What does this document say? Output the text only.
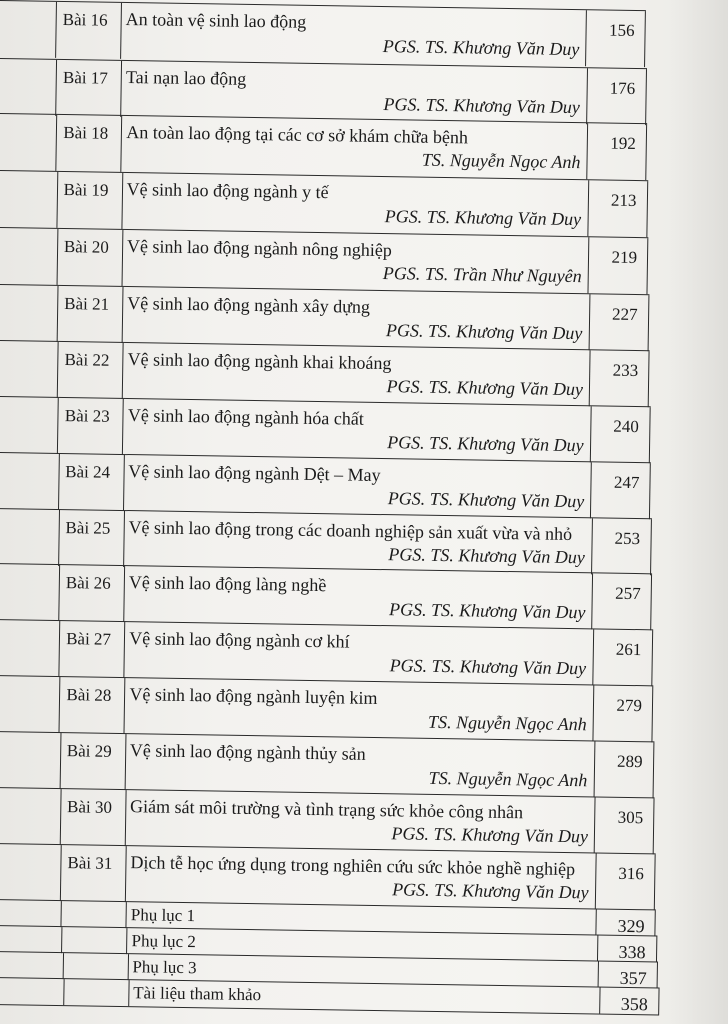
Bài 16 An toàn vệ sinh lao động
PGS. TS. Khương Văn Duy
156
Bài 17 Tai nạn lao động
PGS. TS. Khương Văn Duy
176
Bài 18 An toàn lao động tại các cơ sở khám chữa bệnh
TS. Nguyễn Ngọc Anh
192
Bài 19 Vệ sinh lao động ngành y tế
PGS. TS. Khương Văn Duy
213
Bài 20 Vệ sinh lao động ngành nông nghiệp
PGS. TS. Trần Như Nguyên
219
Bài 21 Vệ sinh lao động ngành xây dựng
PGS. TS. Khương Văn Duy
227
Bài 22 Vệ sinh lao động ngành khai khoáng
PGS. TS. Khương Văn Duy
233
Bài 23 Vệ sinh lao động ngành hóa chất
PGS. TS. Khương Văn Duy
240
Bài 24 Vệ sinh lao động ngành Dệt – May
PGS. TS. Khương Văn Duy
247
Bài 25 Vệ sinh lao động trong các doanh nghiệp sản xuất vừa và nhỏ
PGS. TS. Khương Văn Duy
253
Bài 26 Vệ sinh lao động làng nghề
PGS. TS. Khương Văn Duy
257
Bài 27 Vệ sinh lao động ngành cơ khí
PGS. TS. Khương Văn Duy
261
Bài 28 Vệ sinh lao động ngành luyện kim
TS. Nguyễn Ngọc Anh
279
Bài 29 Vệ sinh lao động ngành thủy sản
TS. Nguyễn Ngọc Anh
289
Bài 30 Giám sát môi trường và tình trạng sức khỏe công nhân
PGS. TS. Khương Văn Duy
305
Bài 31 Dịch tễ học ứng dụng trong nghiên cứu sức khỏe nghề nghiệp
PGS. TS. Khương Văn Duy
316
Phụ lục 1
329
Phụ lục 2
338
Phụ lục 3
357
Tài liệu tham khảo	358
